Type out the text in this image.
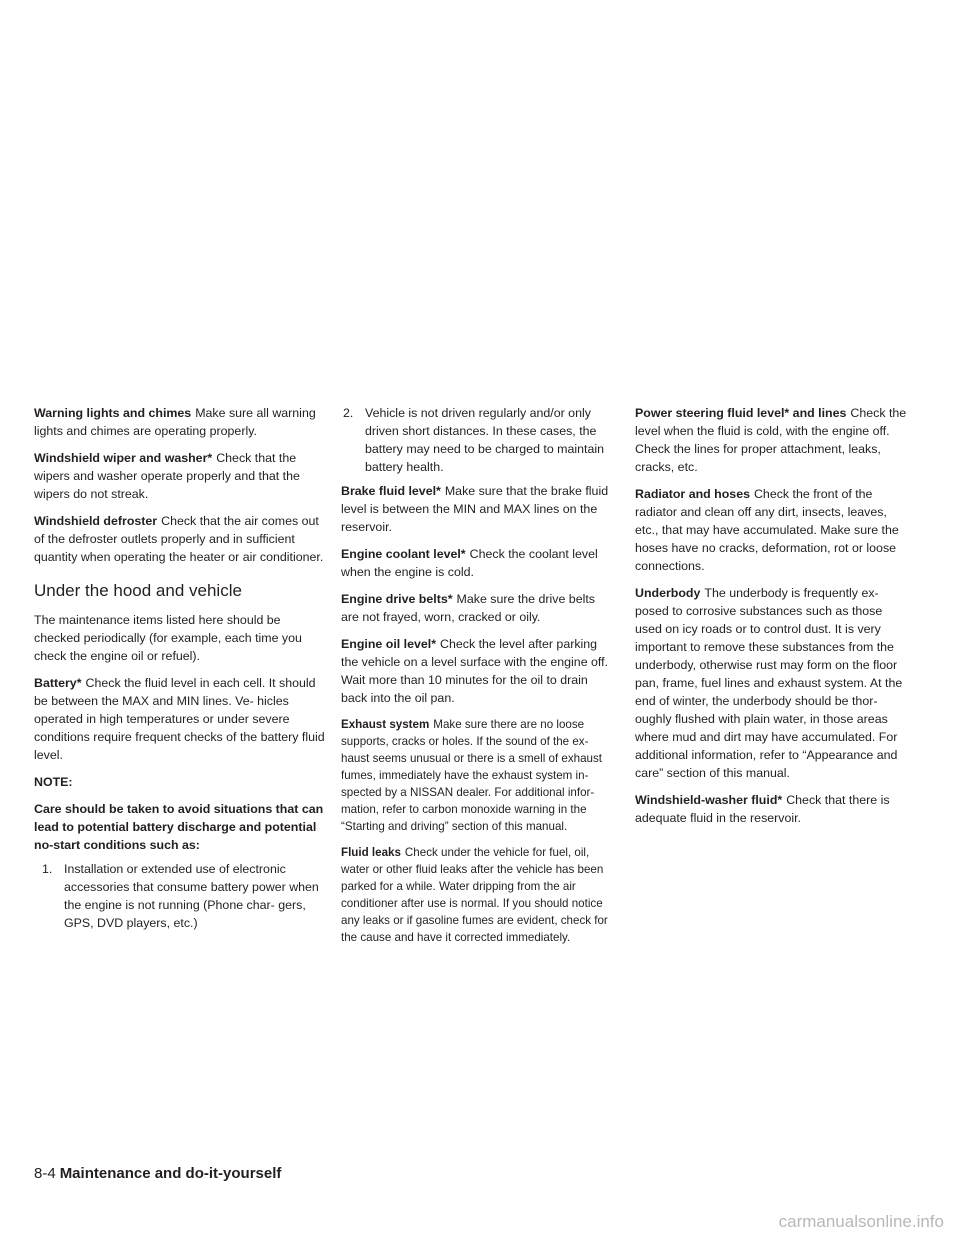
Warning lights and chimes Make sure all warning lights and chimes are operating properly.

Windshield wiper and washer* Check that the wipers and washer operate properly and that the wipers do not streak.

Windshield defroster Check that the air comes out of the defroster outlets properly and in sufficient quantity when operating the heater or air conditioner.

Under the hood and vehicle

The maintenance items listed here should be checked periodically (for example, each time you check the engine oil or refuel).

Battery* Check the fluid level in each cell. It should be between the MAX and MIN lines. Ve- hicles operated in high temperatures or under severe conditions require frequent checks of the battery fluid level.

NOTE:

Care should be taken to avoid situations that can lead to potential battery discharge and potential no-start conditions such as:

1. Installation or extended use of electronic accessories that consume battery power when the engine is not running (Phone char- gers, GPS, DVD players, etc.)
2. Vehicle is not driven regularly and/or only driven short distances. In these cases, the battery may need to be charged to maintain battery health.

Brake fluid level* Make sure that the brake fluid level is between the MIN and MAX lines on the reservoir.

Engine coolant level* Check the coolant level when the engine is cold.

Engine drive belts* Make sure the drive belts are not frayed, worn, cracked or oily.

Engine oil level* Check the level after parking the vehicle on a level surface with the engine off. Wait more than 10 minutes for the oil to drain back into the oil pan.

Exhaust system Make sure there are no loose supports, cracks or holes. If the sound of the ex- haust seems unusual or there is a smell of exhaust fumes, immediately have the exhaust system in- spected by a NISSAN dealer. For additional infor- mation, refer to carbon monoxide warning in the “Starting and driving” section of this manual.

Fluid leaks Check under the vehicle for fuel, oil, water or other fluid leaks after the vehicle has been parked for a while. Water dripping from the air conditioner after use is normal. If you should notice any leaks or if gasoline fumes are evident, check for the cause and have it corrected immediately.

Power steering fluid level* and lines Check the level when the fluid is cold, with the engine off. Check the lines for proper attachment, leaks, cracks, etc.

Radiator and hoses Check the front of the radiator and clean off any dirt, insects, leaves, etc., that may have accumulated. Make sure the hoses have no cracks, deformation, rot or loose connections.

Underbody The underbody is frequently ex- posed to corrosive substances such as those used on icy roads or to control dust. It is very important to remove these substances from the underbody, otherwise rust may form on the floor pan, frame, fuel lines and exhaust system. At the end of winter, the underbody should be thor- oughly flushed with plain water, in those areas where mud and dirt may have accumulated. For additional information, refer to “Appearance and care” section of this manual.

Windshield-washer fluid* Check that there is adequate fluid in the reservoir.

8-4 Maintenance and do-it-yourself
carmanualsonline.info
